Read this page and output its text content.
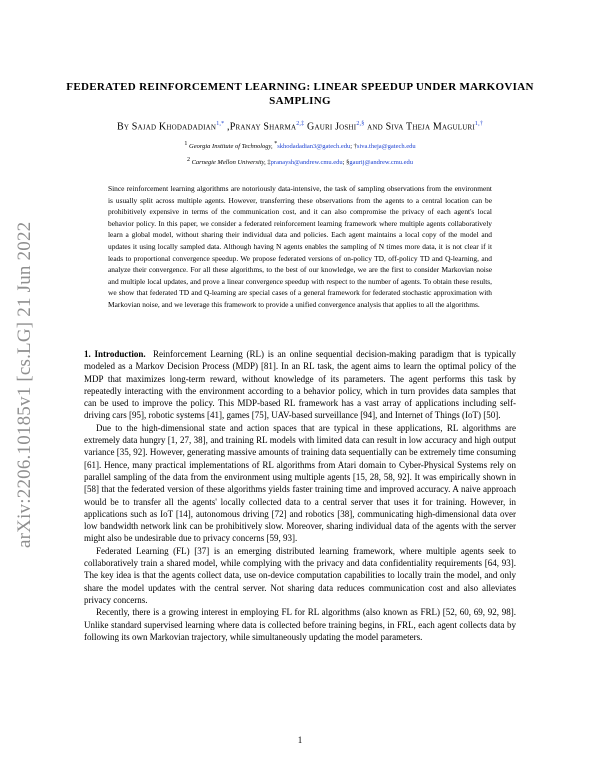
arXiv:2206.10185v1 [cs.LG] 21 Jun 2022
FEDERATED REINFORCEMENT LEARNING: LINEAR SPEEDUP UNDER MARKOVIAN SAMPLING
By Sajad Khodadadian$^{1,*}$ ,Pranay Sharma$^{2,\ddagger}$ Gauri Joshi$^{2,\S}$ and Siva Theja Maguluri$^{1,\dagger}$
$^1$ Georgia Institute of Technology, *skhodadadian3@gatech.edu; †siva.theja@gatech.edu
$^2$ Carnegie Mellon University, ‡pranaysh@andrew.cmu.edu; §gaurij@andrew.cmu.edu
Since reinforcement learning algorithms are notoriously data-intensive, the task of sampling observations from the environment is usually split across multiple agents. However, transferring these observations from the agents to a central location can be prohibitively expensive in terms of the communication cost, and it can also compromise the privacy of each agent's local behavior policy. In this paper, we consider a federated reinforcement learning framework where multiple agents collaboratively learn a global model, without sharing their individual data and policies. Each agent maintains a local copy of the model and updates it using locally sampled data. Although having N agents enables the sampling of N times more data, it is not clear if it leads to proportional convergence speedup. We propose federated versions of on-policy TD, off-policy TD and Q-learning, and analyze their convergence. For all these algorithms, to the best of our knowledge, we are the first to consider Markovian noise and multiple local updates, and prove a linear convergence speedup with respect to the number of agents. To obtain these results, we show that federated TD and Q-learning are special cases of a general framework for federated stochastic approximation with Markovian noise, and we leverage this framework to provide a unified convergence analysis that applies to all the algorithms.

1. Introduction. Reinforcement Learning (RL) is an online sequential decision-making paradigm that is typically modeled as a Markov Decision Process (MDP) [81]. In an RL task, the agent aims to learn the optimal policy of the MDP that maximizes long-term reward, without knowledge of its parameters. The agent performs this task by repeatedly interacting with the environment according to a behavior policy, which in turn provides data samples that can be used to improve the policy. This MDP-based RL framework has a vast array of applications including self-driving cars [95], robotic systems [41], games [75], UAV-based surveillance [94], and Internet of Things (IoT) [50].

Due to the high-dimensional state and action spaces that are typical in these applications, RL algorithms are extremely data hungry [1, 27, 38], and training RL models with limited data can result in low accuracy and high output variance [35, 92]. However, generating massive amounts of training data sequentially can be extremely time consuming [61]. Hence, many practical implementations of RL algorithms from Atari domain to Cyber-Physical Systems rely on parallel sampling of the data from the environment using multiple agents [15, 28, 58, 92]. It was empirically shown in [58] that the federated version of these algorithms yields faster training time and improved accuracy. A naive approach would be to transfer all the agents' locally collected data to a central server that uses it for training. However, in applications such as IoT [14], autonomous driving [72] and robotics [38], communicating high-dimensional data over low bandwidth network link can be prohibitively slow. Moreover, sharing individual data of the agents with the server might also be undesirable due to privacy concerns [59, 93].

Federated Learning (FL) [37] is an emerging distributed learning framework, where multiple agents seek to collaboratively train a shared model, while complying with the privacy and data confidentiality requirements [64, 93]. The key idea is that the agents collect data, use on-device computation capabilities to locally train the model, and only share the model updates with the central server. Not sharing data reduces communication cost and also alleviates privacy concerns.

Recently, there is a growing interest in employing FL for RL algorithms (also known as FRL) [52, 60, 69, 92, 98]. Unlike standard supervised learning where data is collected before training begins, in FRL, each agent collects data by following its own Markovian trajectory, while simultaneously updating the model parameters.

1
